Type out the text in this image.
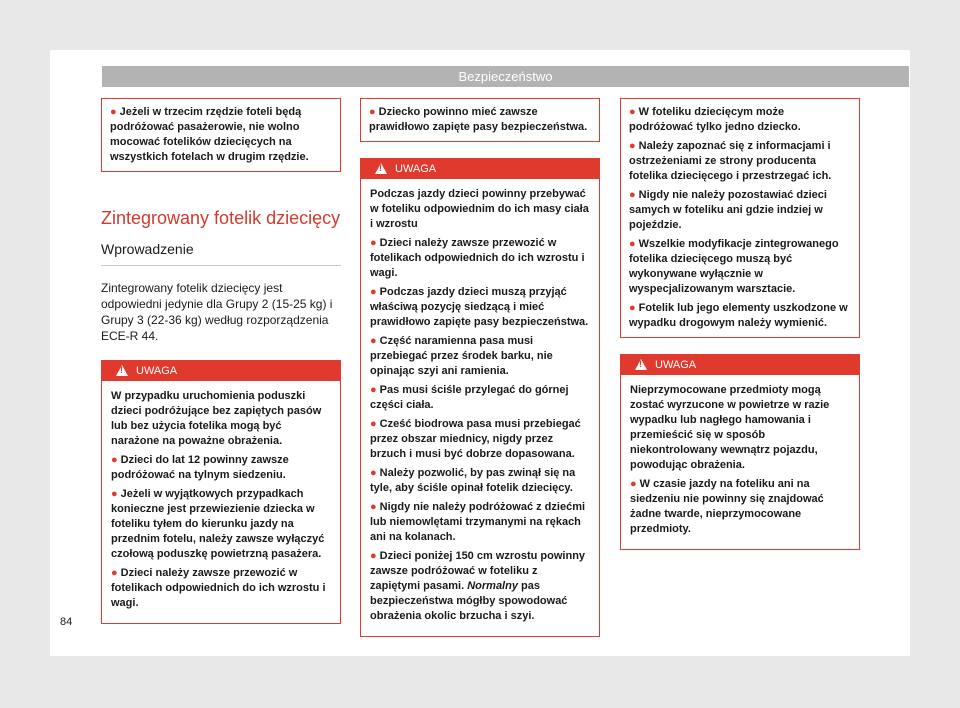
Bezpieczeństwo
● Jeżeli w trzecim rzędzie foteli będą podróżować pasażerowie, nie wolno mocować fotelików dziecięcych na wszystkich fotelach w drugim rzędzie.
Zintegrowany fotelik dziecięcy
Wprowadzenie
Zintegrowany fotelik dziecięcy jest odpowiedni jedynie dla Grupy 2 (15-25 kg) i Grupy 3 (22-36 kg) według rozporządzenia ECE-R 44.
!UWAGA

W przypadku uruchomienia poduszki dzieci podróżujące bez zapiętych pasów lub bez użycia fotelika mogą być narażone na poważne obrażenia.

● Dzieci do lat 12 powinny zawsze podróżować na tylnym siedzeniu.

● Jeżeli w wyjątkowych przypadkach konieczne jest przewiezienie dziecka w foteliku tyłem do kierunku jazdy na przednim fotelu, należy zawsze wyłączyć czołową poduszkę powietrzną pasażera.

● Dzieci należy zawsze przewozić w fotelikach odpowiednich do ich wzrostu i wagi.

● Dziecko powinno mieć zawsze prawidłowo zapięte pasy bezpieczeństwa.
!UWAGA

Podczas jazdy dzieci powinny przebywać w foteliku odpowiednim do ich masy ciała i wzrostu

● Dzieci należy zawsze przewozić w fotelikach odpowiednich do ich wzrostu i wagi.

● Podczas jazdy dzieci muszą przyjąć właściwą pozycję siedzącą i mieć prawidłowo zapięte pasy bezpieczeństwa.

● Część naramienna pasa musi przebiegać przez środek barku, nie opinając szyi ani ramienia.

● Pas musi ściśle przylegać do górnej części ciała.

● Cześć biodrowa pasa musi przebiegać przez obszar miednicy, nigdy przez brzuch i musi być dobrze dopasowana.

● Należy pozwolić, by pas zwinął się na tyle, aby ściśle opinał fotelik dziecięcy.

● Nigdy nie należy podróżować z dziećmi lub niemowlętami trzymanymi na rękach ani na kolanach.

● Dzieci poniżej 150 cm wzrostu powinny zawsze podróżować w foteliku z zapiętymi pasami. Normalny pas bezpieczeństwa mógłby spowodować obrażenia okolic brzucha i szyi.

● W foteliku dziecięcym może podróżować tylko jedno dziecko.

● Należy zapoznać się z informacjami i ostrzeżeniami ze strony producenta fotelika dziecięcego i przestrzegać ich.

● Nigdy nie należy pozostawiać dzieci samych w foteliku ani gdzie indziej w pojeździe.

● Wszelkie modyfikacje zintegrowanego fotelika dziecięcego muszą być wykonywane wyłącznie w wyspecjalizowanym warsztacie.

● Fotelik lub jego elementy uszkodzone w wypadku drogowym należy wymienić.

!UWAGA

Nieprzymocowane przedmioty mogą zostać wyrzucone w powietrze w razie wypadku lub nagłego hamowania i przemieścić się w sposób niekontrolowany wewnątrz pojazdu, powodując obrażenia.

● W czasie jazdy na foteliku ani na siedzeniu nie powinny się znajdować żadne twarde, nieprzymocowane przedmioty.

84
